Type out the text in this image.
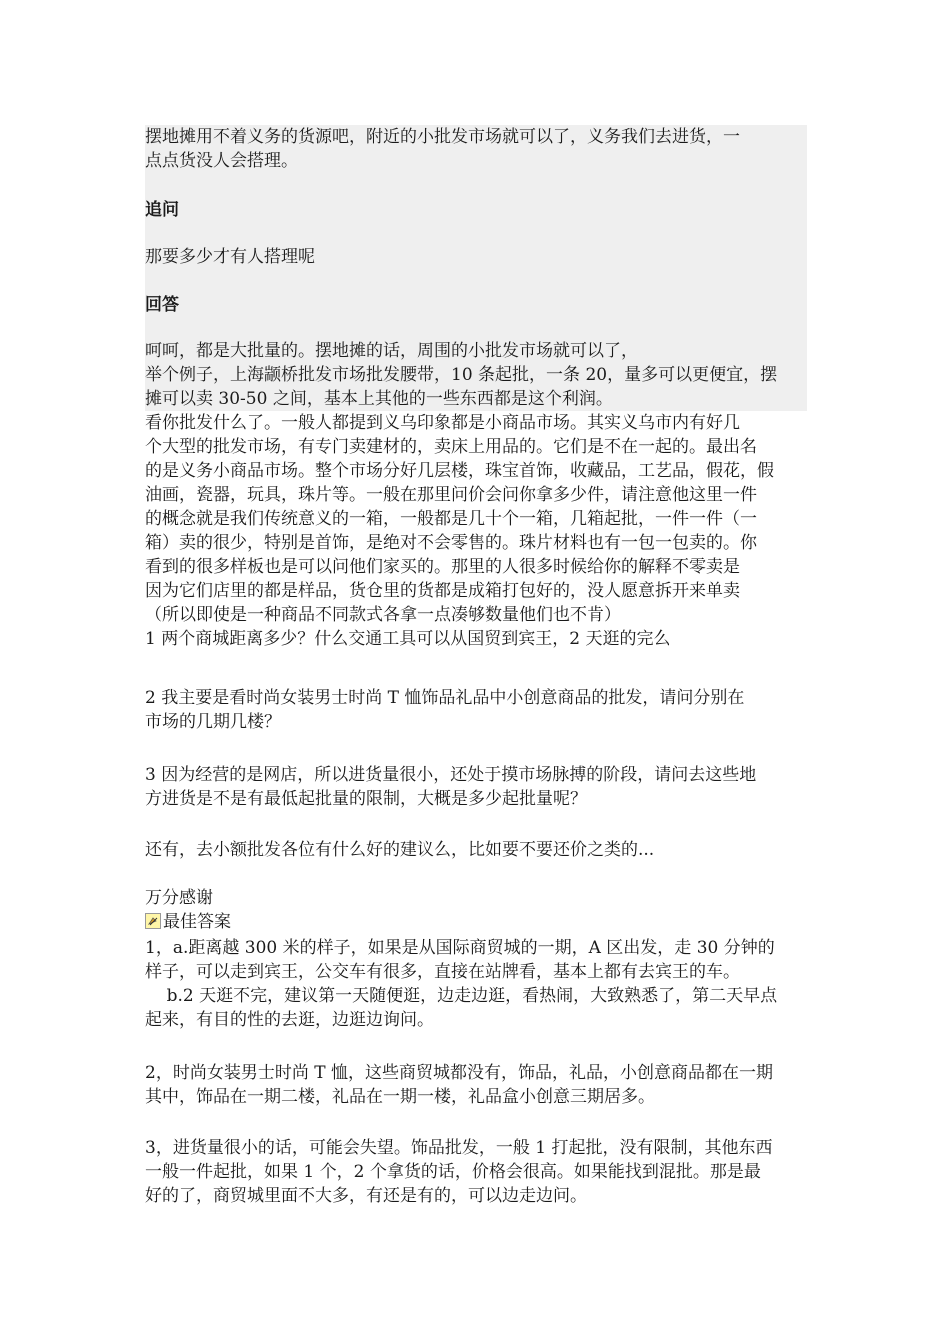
摆地摊用不着义务的货源吧，附近的小批发市场就可以了，义务我们去进货，一
点点货没人会搭理。
追问
那要多少才有人搭理呢
回答
呵呵，都是大批量的。摆地摊的话，周围的小批发市场就可以了，
举个例子，上海颛桥批发市场批发腰带，10 条起批，一条 20，量多可以更便宜，摆
摊可以卖 30-50 之间，基本上其他的一些东西都是这个利润。
看你批发什么了。一般人都提到义乌印象都是小商品市场。其实义乌市内有好几
个大型的批发市场，有专门卖建材的，卖床上用品的。它们是不在一起的。最出名
的是义务小商品市场。整个市场分好几层楼，珠宝首饰，收藏品，工艺品，假花，假
油画，瓷器，玩具，珠片等。一般在那里问价会问你拿多少件，请注意他这里一件
的概念就是我们传统意义的一箱，一般都是几十个一箱，几箱起批，一件一件（一
箱）卖的很少，特别是首饰，是绝对不会零售的。珠片材料也有一包一包卖的。你
看到的很多样板也是可以问他们家买的。那里的人很多时候给你的解释不零卖是
因为它们店里的都是样品，货仓里的货都是成箱打包好的，没人愿意拆开来单卖
（所以即使是一种商品不同款式各拿一点凑够数量他们也不肯）
1 两个商城距离多少？什么交通工具可以从国贸到宾王，2 天逛的完么
2 我主要是看时尚女装男士时尚 T 恤饰品礼品中小创意商品的批发，请问分别在
市场的几期几楼？
3 因为经营的是网店，所以进货量很小，还处于摸市场脉搏的阶段，请问去这些地
方进货是不是有最低起批量的限制，大概是多少起批量呢？
还有，去小额批发各位有什么好的建议么，比如要不要还价之类的...
万分感谢
最佳答案
1，a.距离越 300 米的样子，如果是从国际商贸城的一期，A 区出发，走 30 分钟的
样子，可以走到宾王，公交车有很多，直接在站牌看，基本上都有去宾王的车。
b.2 天逛不完，建议第一天随便逛，边走边逛，看热闹，大致熟悉了，第二天早点
起来，有目的性的去逛，边逛边询问。
2，时尚女装男士时尚 T 恤，这些商贸城都没有，饰品，礼品，小创意商品都在一期
其中，饰品在一期二楼，礼品在一期一楼，礼品盒小创意三期居多。
3，进货量很小的话，可能会失望。饰品批发，一般 1 打起批，没有限制，其他东西
一般一件起批，如果 1 个，2 个拿货的话，价格会很高。如果能找到混批。那是最
好的了，商贸城里面不大多，有还是有的，可以边走边问。
